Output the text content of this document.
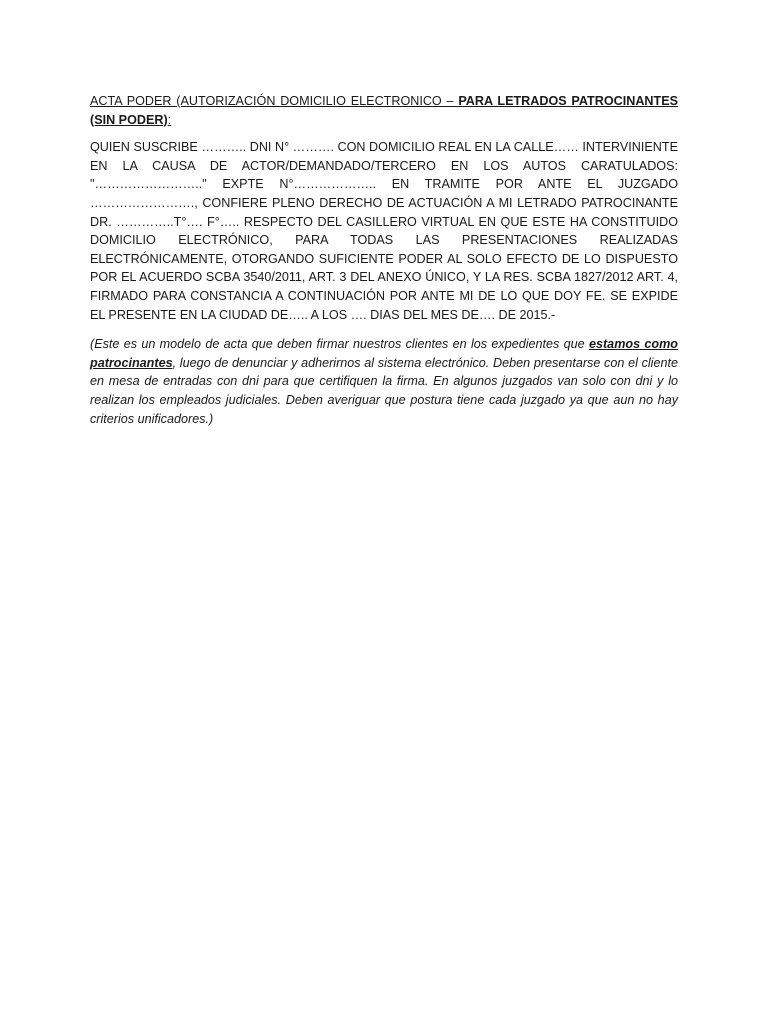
ACTA PODER (AUTORIZACIÓN DOMICILIO ELECTRONICO – PARA LETRADOS PATROCINANTES (SIN PODER):

QUIEN SUSCRIBE ……….. DNI N° ………. CON DOMICILIO REAL EN LA CALLE…… INTERVINIENTE EN LA CAUSA DE ACTOR/DEMANDADO/TERCERO EN LOS AUTOS CARATULADOS: "…………………….." EXPTE N°……………….. EN TRAMITE POR ANTE EL JUZGADO ……………………., CONFIERE PLENO DERECHO DE ACTUACIÓN A MI LETRADO PATROCINANTE DR. …………..T°…. F°….. RESPECTO DEL CASILLERO VIRTUAL EN QUE ESTE HA CONSTITUIDO DOMICILIO ELECTRÓNICO, PARA TODAS LAS PRESENTACIONES REALIZADAS ELECTRÓNICAMENTE, OTORGANDO SUFICIENTE PODER AL SOLO EFECTO DE LO DISPUESTO POR EL ACUERDO SCBA 3540/2011, ART. 3 DEL ANEXO ÚNICO, Y LA RES. SCBA 1827/2012 ART. 4, FIRMADO PARA CONSTANCIA A CONTINUACIÓN POR ANTE MI DE LO QUE DOY FE. SE EXPIDE EL PRESENTE EN LA CIUDAD DE….. A LOS …. DIAS DEL MES DE…. DE 2015.-

(Este es un modelo de acta que deben firmar nuestros clientes en los expedientes que estamos como patrocinantes, luego de denunciar y adherirnos al sistema electrónico. Deben presentarse con el cliente en mesa de entradas con dni para que certifiquen la firma. En algunos juzgados van solo con dni y lo realizan los empleados judiciales. Deben averiguar que postura tiene cada juzgado ya que aun no hay criterios unificadores.)
